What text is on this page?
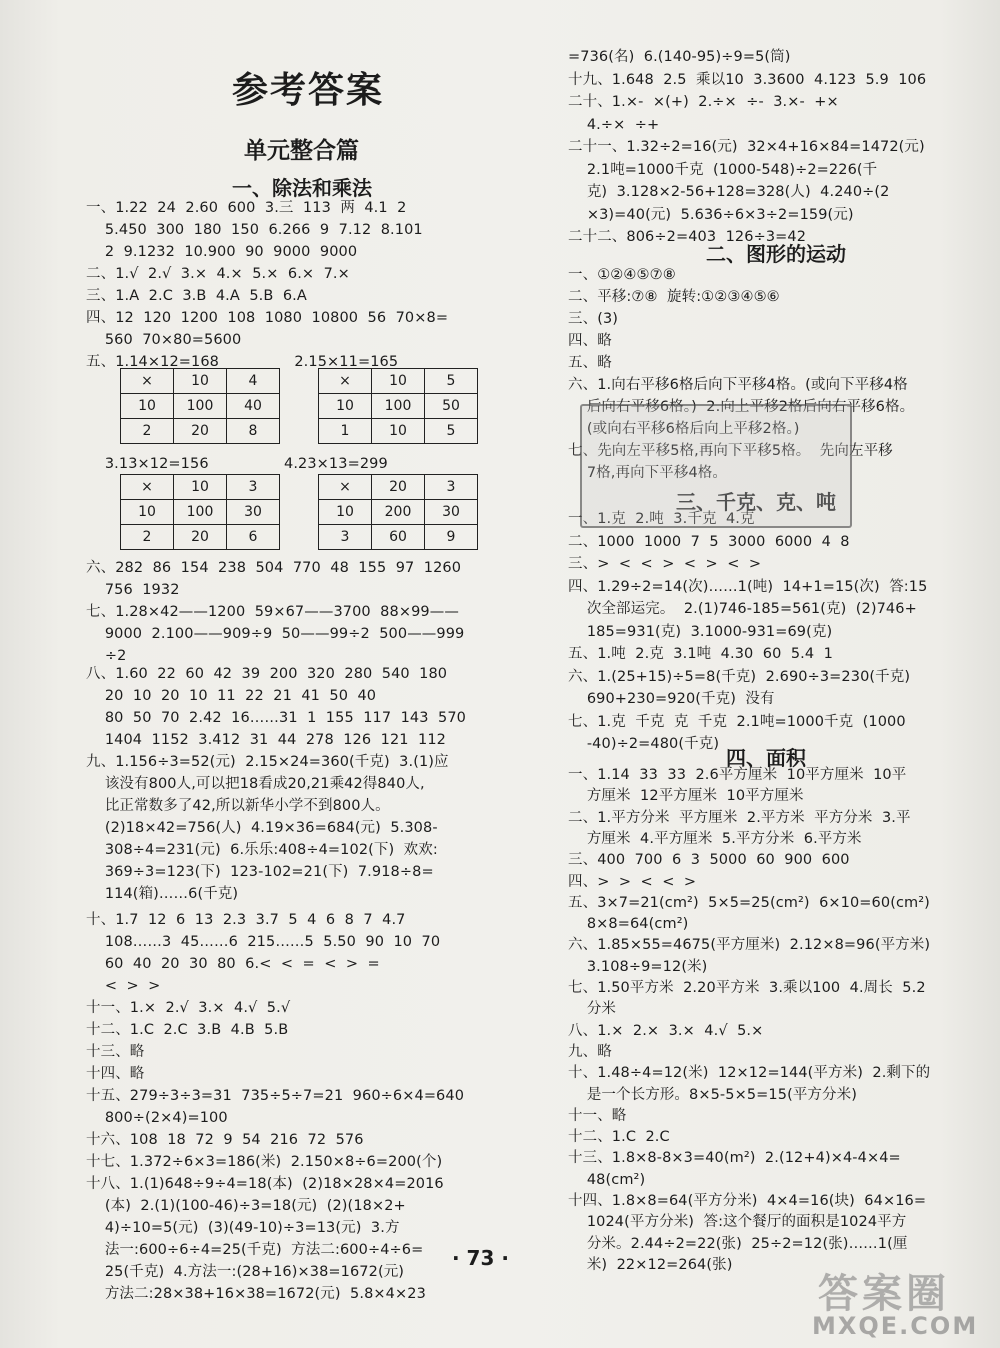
参考答案
单元整合篇
一、除法和乘法
一、1.22  24  2.60  600  3.三  113  两  4.1  2
5.450  300  180  150  6.266  9  7.12  8.101
2  9.1232  10.900  90  9000  9000
二、1.√  2.√  3.×  4.×  5.×  6.×  7.×
三、1.A  2.C  3.B  4.A  5.B  6.A
四、12  120  1200  108  1080  10800  56  70×8=
560  70×80=5600
五、1.14×12=168                2.15×11=165
3.13×12=156                4.23×13=299
六、282  86  154  238  504  770  48  155  97  1260
756  1932
七、1.28×42——1200  59×67——3700  88×99——
9000  2.100——909÷9  50——99÷2  500——999
÷2
八、1.60  22  60  42  39  200  320  280  540  180
20  10  20  10  11  22  21  41  50  40
80  50  70  2.42  16……31  1  155  117  143  570
1404  1152  3.412  31  44  278  126  121  112
九、1.156÷3=52(元)  2.15×24=360(千克)  3.(1)应
该没有800人,可以把18看成20,21乘42得840人,
比正常数多了42,所以新华小学不到800人。
(2)18×42=756(人)  4.19×36=684(元)  5.308-
308÷4=231(元)  6.乐乐:408÷4=102(下)  欢欢:
369÷3=123(下)  123-102=21(下)  7.918÷8=
114(箱)……6(千克)
十、1.7  12  6  13  2.3  3.7  5  4  6  8  7  4.7
108……3  45……6  215……5  5.50  90  10  70
60  40  20  30  80  6.<  <  =  <  >  =
<  >  >
十一、1.×  2.√  3.×  4.√  5.√
十二、1.C  2.C  3.B  4.B  5.B
十三、略
十四、略
十五、279÷3÷3=31  735÷5÷7=21  960÷6×4=640
800÷(2×4)=100
十六、108  18  72  9  54  216  72  576
十七、1.372÷6×3=186(米)  2.150×8÷6=200(个)
十八、1.(1)648÷9÷4=18(本)  (2)18×28×4=2016
(本)  2.(1)(100-46)÷3=18(元)  (2)(18×2+
4)÷10=5(元)  (3)(49-10)÷3=13(元)  3.方
法一:600÷6÷4=25(千克)  方法二:600÷4÷6=
25(千克)  4.方法一:(28+16)×38=1672(元)
方法二:28×38+16×38=1672(元)  5.8×4×23
×	10	4
10	100	40
2	20	8
×	10	5
10	100	50
1	10	5
×	10	3
10	100	30
2	20	6
×	20	3
10	200	30
3	60	9
=736(名)  6.(140-95)÷9=5(筒)
十九、1.648  2.5  乘以10  3.3600  4.123  5.9  106
二十、1.×-  ×(+)  2.÷×  ÷-  3.×-  +×
4.÷×  ÷+
二十一、1.32÷2=16(元)  32×4+16×84=1472(元)
2.1吨=1000千克  (1000-548)÷2=226(千
克)  3.128×2-56+128=328(人)  4.240÷(2
×3)=40(元)  5.636÷6×3÷2=159(元)
二十二、806÷2=403  126÷3=42
一、①②④⑤⑦⑧
二、平移:⑦⑧  旋转:①②③④⑤⑥
三、(3)
四、略
五、略
六、1.向右平移6格后向下平移4格。(或向下平移4格
后向右平移6格。)  2.向上平移2格后向右平移6格。
(或向右平移6格后向上平移2格。)
七、先向左平移5格,再向下平移5格。  先向左平移
7格,再向下平移4格。
一、1.克  2.吨  3.千克  4.克
二、1000  1000  7  5  3000  6000  4  8
三、>  <  <  >  <  >  <  >
四、1.29÷2=14(次)……1(吨)  14+1=15(次)  答:15
次全部运完。  2.(1)746-185=561(克)  (2)746+
185=931(克)  3.1000-931=69(克)
五、1.吨  2.克  3.1吨  4.30  60  5.4  1
六、1.(25+15)÷5=8(千克)  2.690÷3=230(千克)
690+230=920(千克)  没有
七、1.克  千克  克  千克  2.1吨=1000千克  (1000
-40)÷2=480(千克)
一、1.14  33  33  2.6平方厘米  10平方厘米  10平
方厘米  12平方厘米  10平方厘米
二、1.平方分米  平方厘米  2.平方米  平方分米  3.平
方厘米  4.平方厘米  5.平方分米  6.平方米
三、400  700  6  3  5000  60  900  600
四、>  >  <  <  >
五、3×7=21(cm²)  5×5=25(cm²)  6×10=60(cm²)
8×8=64(cm²)
六、1.85×55=4675(平方厘米)  2.12×8=96(平方米)
3.108÷9=12(米)
七、1.50平方米  2.20平方米  3.乘以100  4.周长  5.2
分米
八、1.×  2.×  3.×  4.√  5.×
九、略
十、1.48÷4=12(米)  12×12=144(平方米)  2.剩下的
是一个长方形。8×5-5×5=15(平方分米)
十一、略
十二、1.C  2.C
十三、1.8×8-8×3=40(m²)  2.(12+4)×4-4×4=
48(cm²)
十四、1.8×8=64(平方分米)  4×4=16(块)  64×16=
1024(平方分米)  答:这个餐厅的面积是1024平方
分米。2.44÷2=22(张)  25÷2=12(张)……1(厘
米)  22×12=264(张)
二、图形的运动
三、千克、克、吨
四、面积
· 73 ·
答案圈
MXQE.COM
